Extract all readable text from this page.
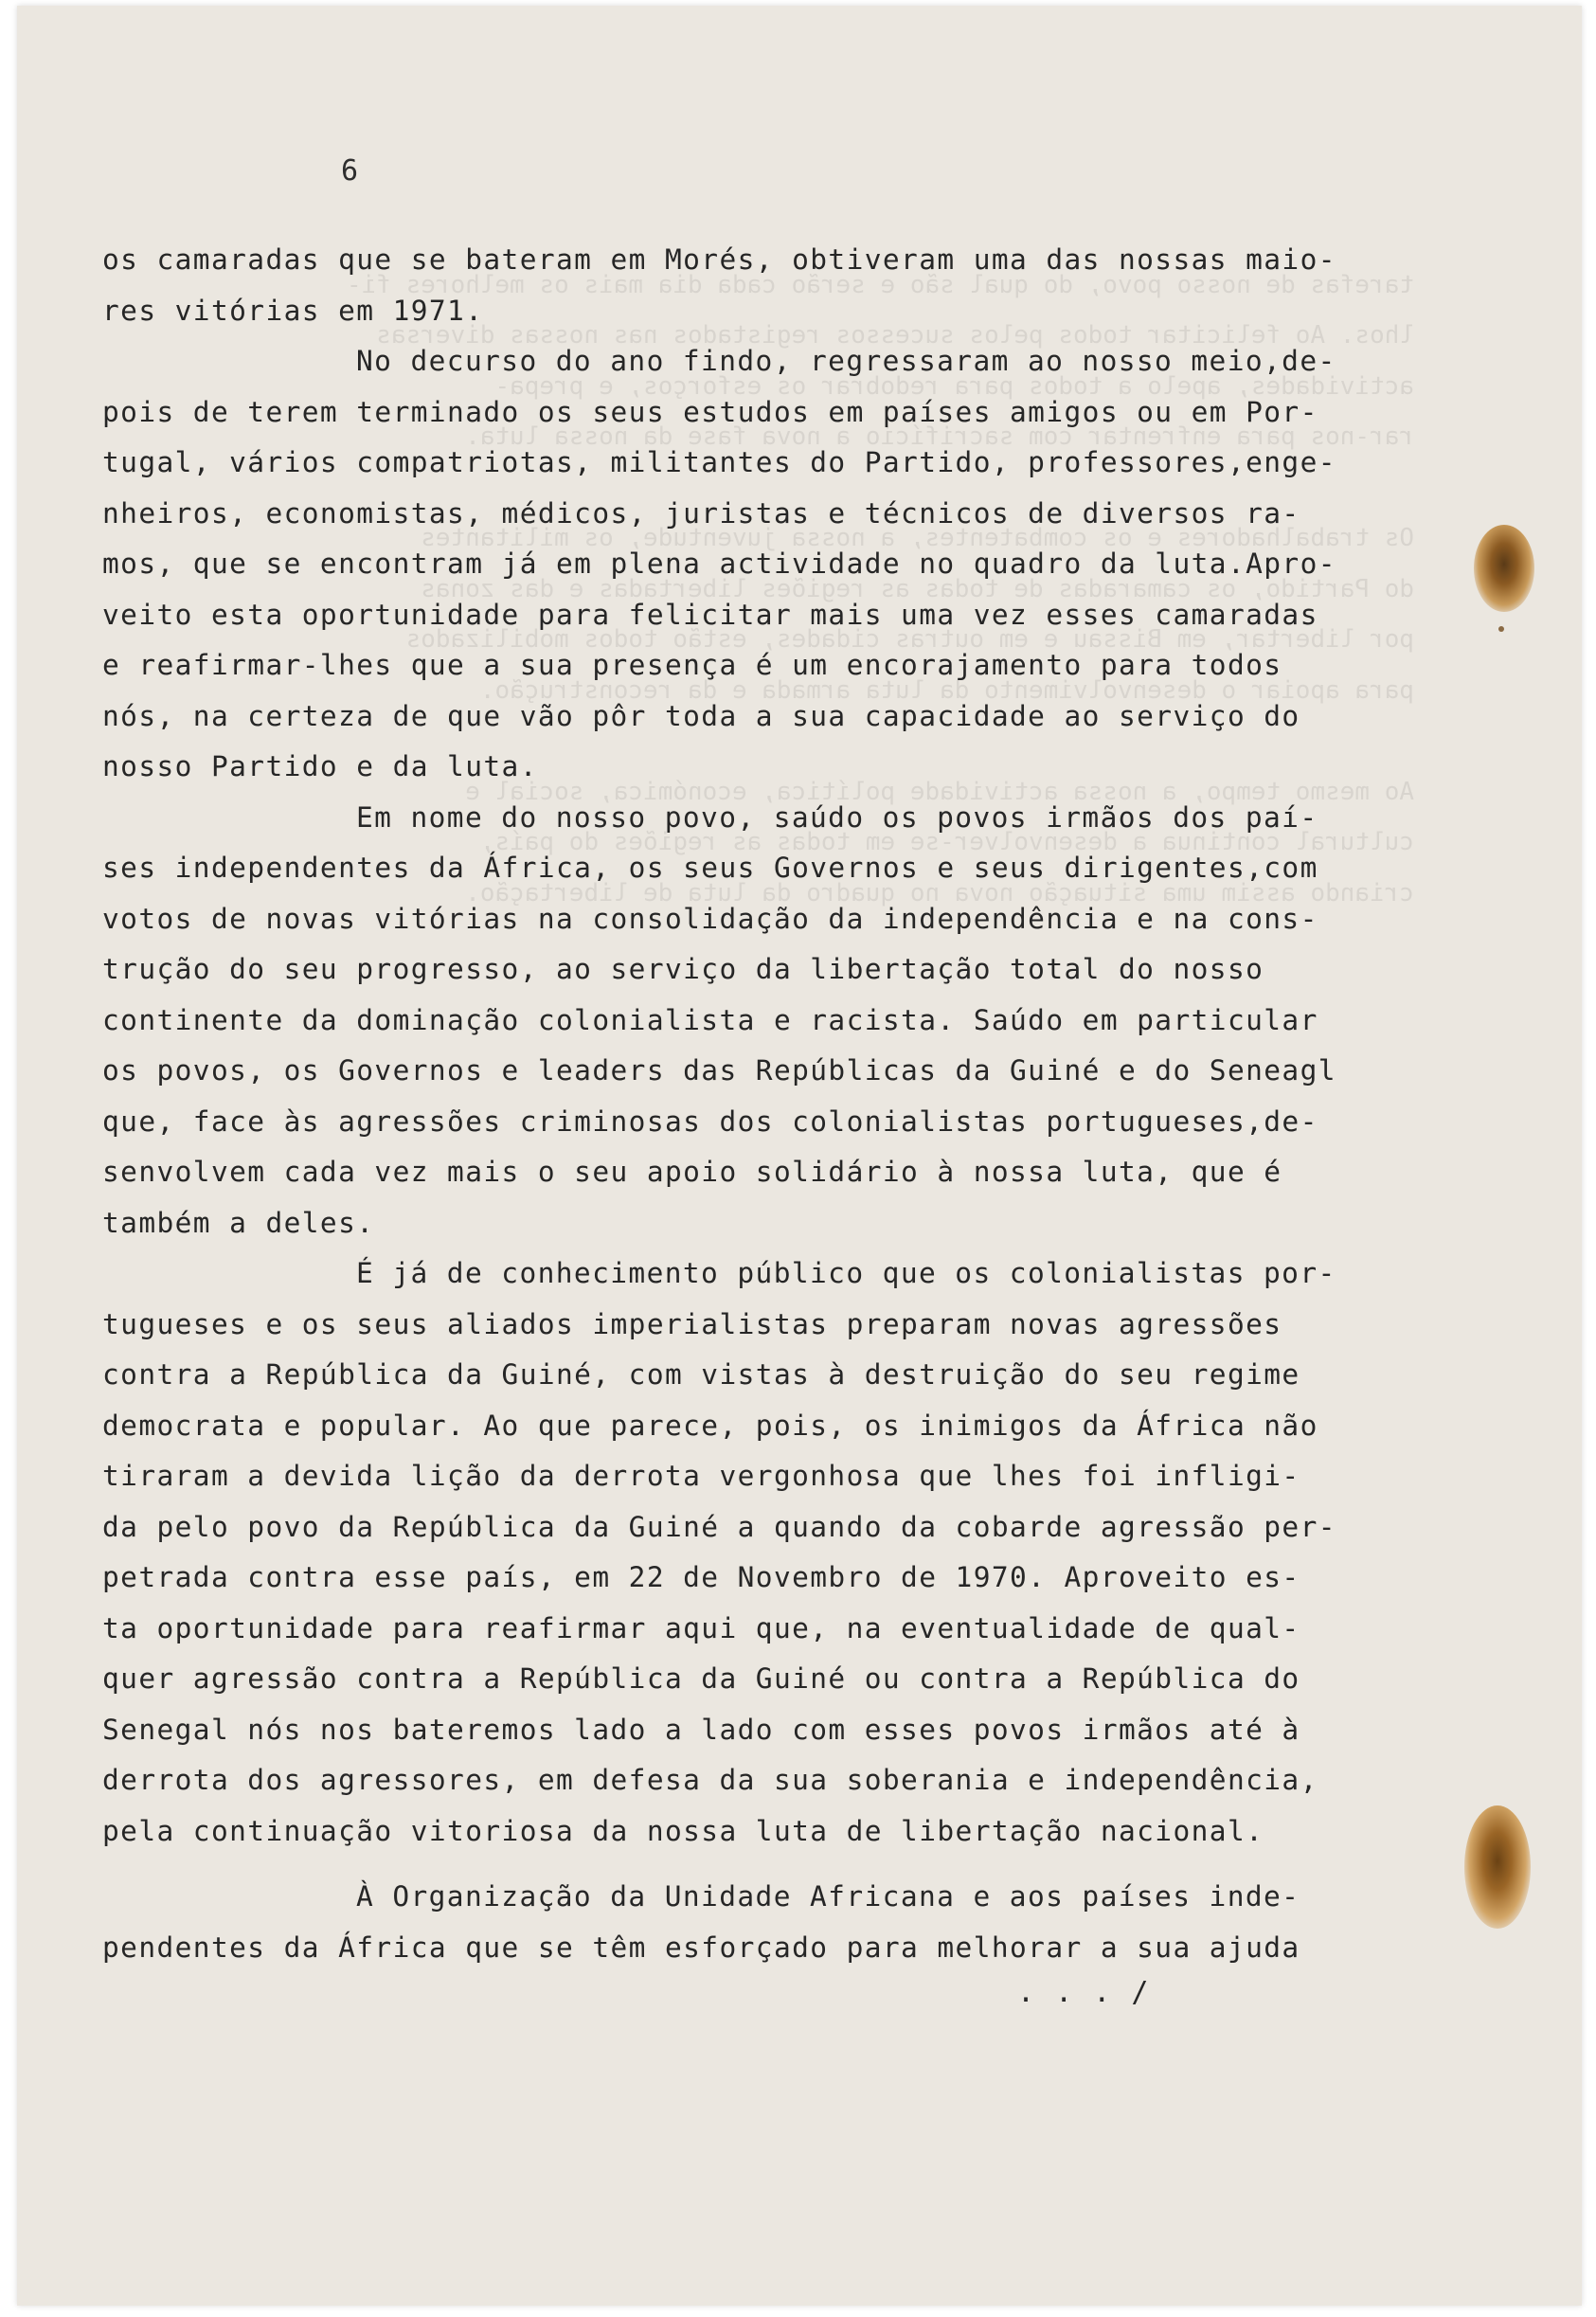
tarefas de nosso povo, do qual são e serão cada dia mais os melhores fi-
lhos. Ao felicitar todos pelos sucessos registados nas nossas diversas
actividades, apelo a todos para redobrar os esforços, e prepa-
rar-nos para enfrentar com sacrifício a nova fase da nossa luta.

Os trabalhadores e os combatentes, a nossa juventude, os militantes
do Partido, os camaradas de todas as regiões libertadas e das zonas
por libertar, em Bissau e em outras cidades, estão todos mobilizados
para apoiar o desenvolvimento da luta armada e da reconstrução.

Ao mesmo tempo, a nossa actividade política, económica, social e
cultural continua a desenvolver-se em todas as regiões do país,
criando assim uma situação nova no quadro da luta de libertação.

6
os camaradas que se bateram em Morés, obtiveram uma das nossas maio-
res vitórias em 1971.
No decurso do ano findo, regressaram ao nosso meio,de-
pois de terem terminado os seus estudos em países amigos ou em Por-
tugal, vários compatriotas, militantes do Partido, professores,enge-
nheiros, economistas, médicos, juristas e técnicos de diversos ra-
mos, que se encontram já em plena actividade no quadro da luta.Apro-
veito esta oportunidade para felicitar mais uma vez esses camaradas
e reafirmar-lhes que a sua presença é um encorajamento para todos
nós, na certeza de que vão pôr toda a sua capacidade ao serviço do
nosso Partido e da luta.
Em nome do nosso povo, saúdo os povos irmãos dos paí-
ses independentes da África, os seus Governos e seus dirigentes,com
votos de novas vitórias na consolidação da independência e na cons-
trução do seu progresso, ao serviço da libertação total do nosso
continente da dominação colonialista e racista. Saúdo em particular
os povos, os Governos e leaders das Repúblicas da Guiné e do Seneagl
que, face às agressões criminosas dos colonialistas portugueses,de-
senvolvem cada vez mais o seu apoio solidário à nossa luta, que é
também a deles.
É já de conhecimento público que os colonialistas por-
tugueses e os seus aliados imperialistas preparam novas agressões
contra a República da Guiné, com vistas à destruição do seu regime
democrata e popular. Ao que parece, pois, os inimigos da África não
tiraram a devida lição da derrota vergonhosa que lhes foi infligi-
da pelo povo da República da Guiné a quando da cobarde agressão per-
petrada contra esse país, em 22 de Novembro de 1970. Aproveito es-
ta oportunidade para reafirmar aqui que, na eventualidade de qual-
quer agressão contra a República da Guiné ou contra a República do
Senegal nós nos bateremos lado a lado com esses povos irmãos até à
derrota dos agressores, em defesa da sua soberania e independência,
pela continuação vitoriosa da nossa luta de libertação nacional.
À Organização da Unidade Africana e aos países inde-
pendentes da África que se têm esforçado para melhorar a sua ajuda
. . . /
